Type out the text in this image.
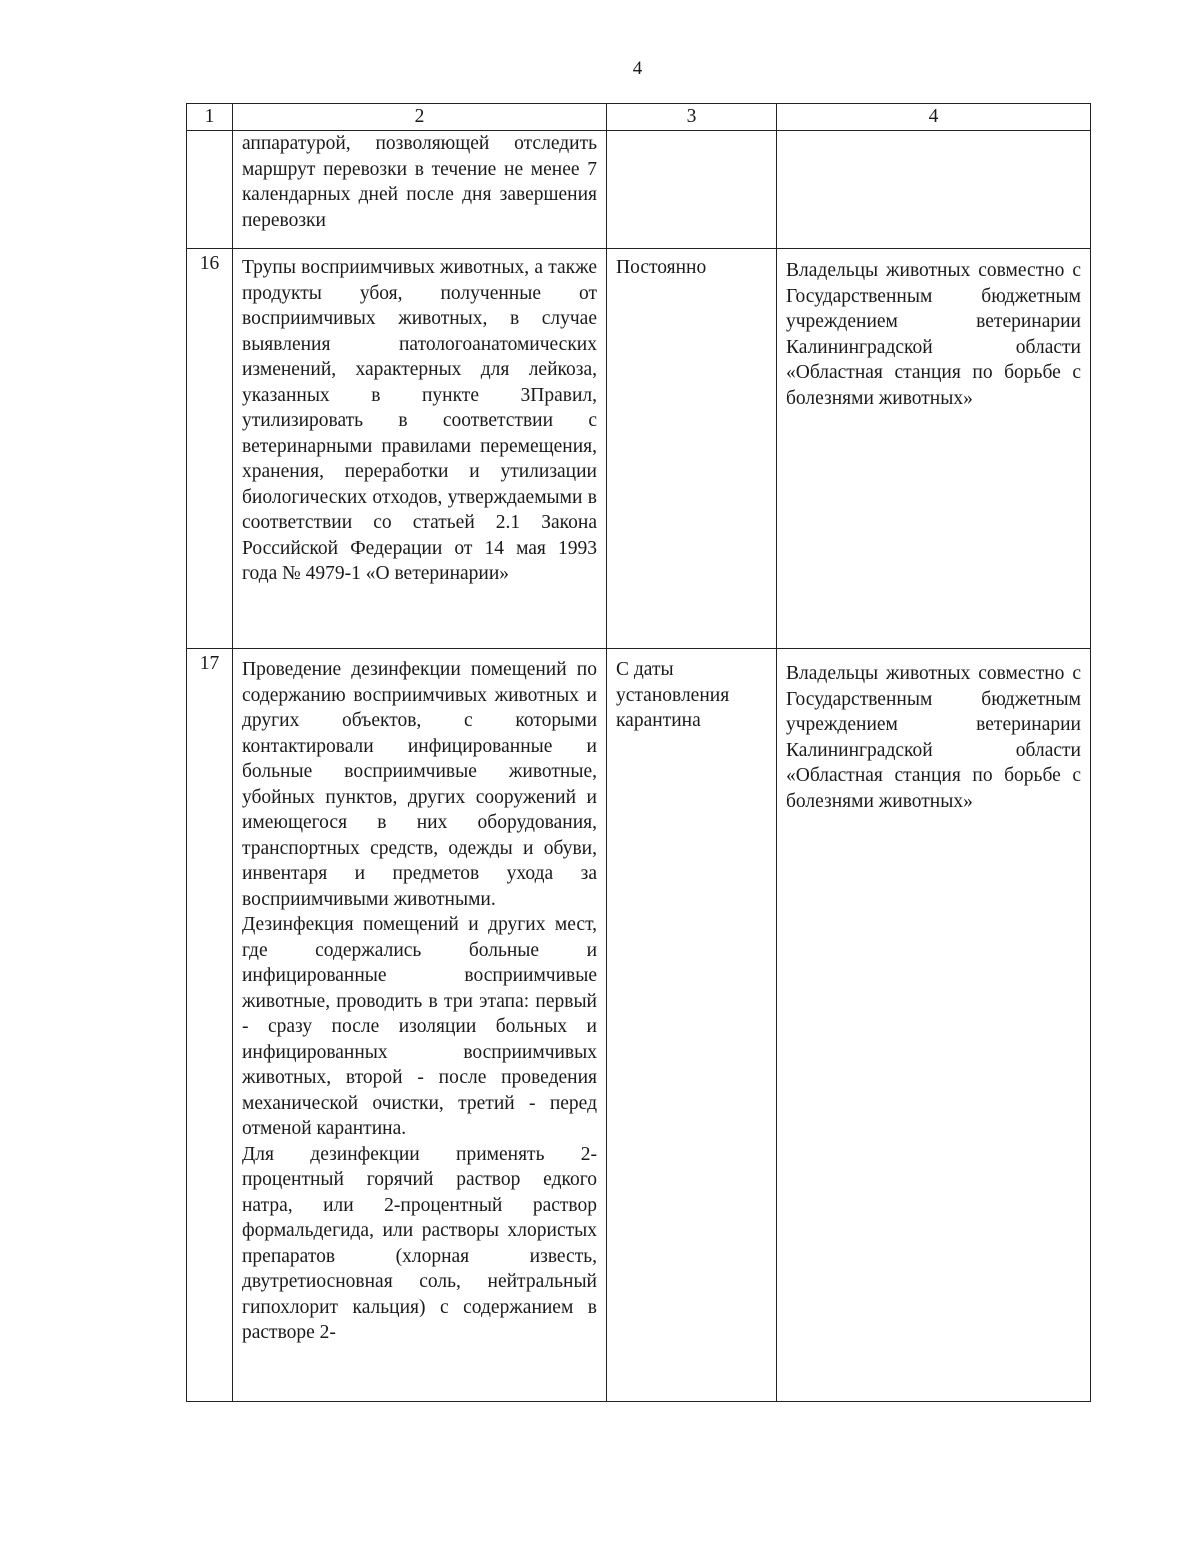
4
1	2	3	4
	аппаратурой, позволяющей отследить маршрут перевозки в течение не менее 7 календарных дней после дня завершения перевозки		
16	Трупы восприимчивых животных, а также продукты убоя, полученные от восприимчивых животных, в случае выявления патологоанатомических изменений, характерных для лейкоза, указанных в пункте 3Правил, утилизировать в соответствии с ветеринарными правилами перемещения, хранения, переработки и утилизации биологических отходов, утверждаемыми в соответствии со статьей 2.1 Закона Российской Федерации от 14 мая 1993 года № 4979-1 «О ветеринарии»	Постоянно	Владельцы животных совместно с Государственным бюджетным учреждением ветеринарии Калининградской области «Областная станция по борьбе с болезнями животных»
17	Проведение дезинфекции помещений по содержанию восприимчивых животных и других объектов, с которыми контактировали инфицированные и больные восприимчивые животные, убойных пунктов, других сооружений и имеющегося в них оборудования, транспортных средств, одежды и обуви, инвентаря и предметов ухода за восприимчивыми животными.

Дезинфекция помещений и других мест, где содержались больные и инфицированные восприимчивые животные, проводить в три этапа: первый - сразу после изоляции больных и инфицированных восприимчивых животных, второй - после проведения механической очистки, третий - перед отменой карантина.

Для дезинфекции применять 2-процентный горячий раствор едкого натра, или 2-процентный раствор формальдегида, или растворы хлористых препаратов (хлорная известь, двутретиосновная соль, нейтральный гипохлорит кальция) с содержанием в растворе 2-	С даты установления карантина	Владельцы животных совместно с Государственным бюджетным учреждением ветеринарии Калининградской области «Областная станция по борьбе с болезнями животных»
